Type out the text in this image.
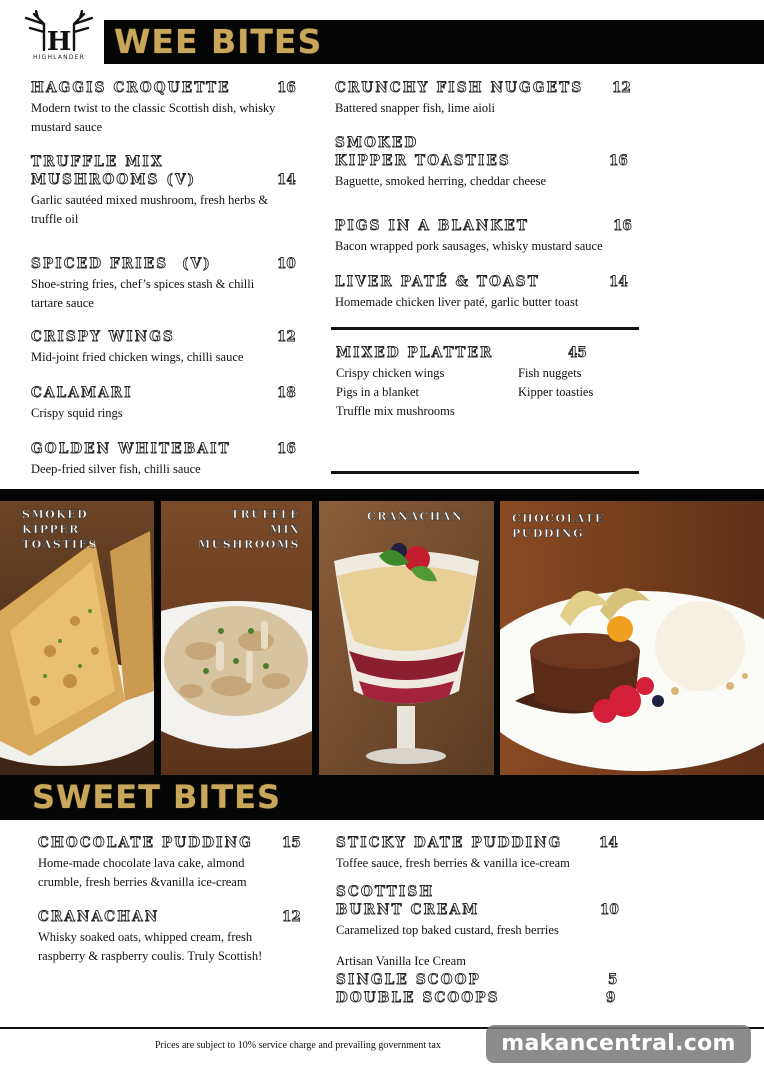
H
HIGHLANDER WEE BITES
HAGGIS CROQUETTE	16
Modern twist to the classic Scottish dish, whisky
mustard sauce
TRUFFLE MIX
MUSHROOMS (V)	14
Garlic sautéed mixed mushroom, fresh herbs &
truffle oil
SPICED FRIES  (V)	10
Shoe-string fries, chef’s spices stash & chilli
tartare sauce
CRISPY WINGS	12
Mid-joint fried chicken wings, chilli sauce
CALAMARI	18
Crispy squid rings
GOLDEN WHITEBAIT	16
Deep-fried silver fish, chilli sauce
CRUNCHY FISH NUGGETS	12
Battered snapper fish, lime aioli
SMOKED
KIPPER TOASTIES	16
Baguette, smoked herring, cheddar cheese
PIGS IN A BLANKET	16
Bacon wrapped pork sausages, whisky mustard sauce
LIVER PATÉ & TOAST	14
Homemade chicken liver paté, garlic butter toast
MIXED PLATTER	45
Crispy chicken wings
Pigs in a blanket
Truffle mix mushrooms
Fish nuggets
Kipper toasties
SMOKED
KIPPER
TOASTIES
TRUFFLE
MIX
MUSHROOMS
CRANACHAN	CHOCOLATE
PUDDING
SWEET BITES
CHOCOLATE PUDDING	15
Home-made chocolate lava cake, almond
crumble, fresh berries &vanilla ice-cream
CRANACHAN	12
Whisky soaked oats, whipped cream, fresh
raspberry & raspberry coulis. Truly Scottish!
STICKY DATE PUDDING	14
Toffee sauce, fresh berries & vanilla ice-cream
SCOTTISH
BURNT CREAM	10
Caramelized top baked custard, fresh berries
Artisan Vanilla Ice Cream
SINGLE SCOOP	5
DOUBLE SCOOPS	9
Prices are subject to 10% service charge and prevailing government tax	makancentral.com
